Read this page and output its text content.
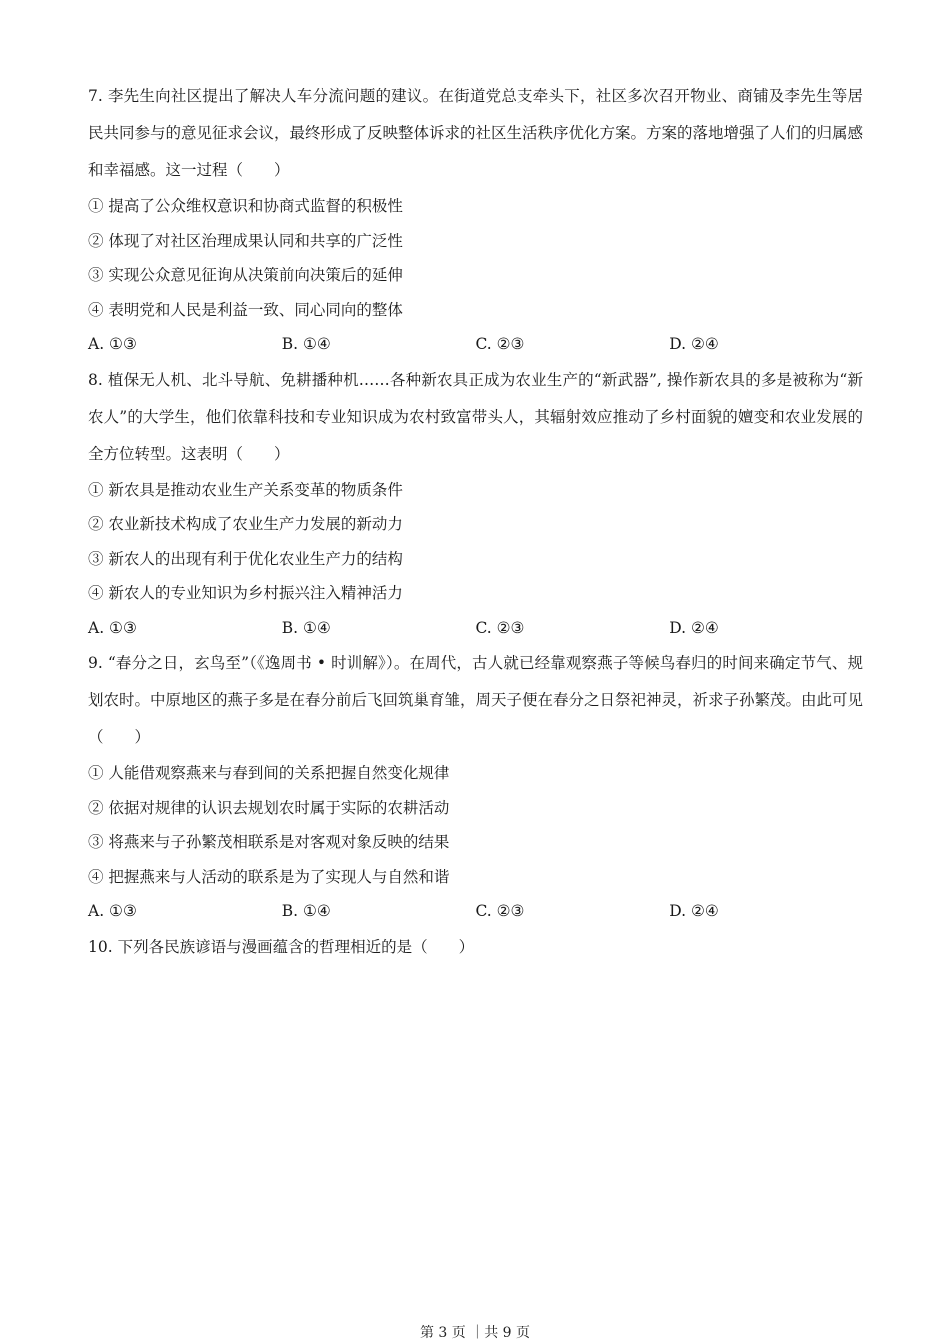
7. 李先生向社区提出了解决人车分流问题的建议。在街道党总支牵头下，社区多次召开物业、商铺及李先生等居民共同参与的意见征求会议，最终形成了反映整体诉求的社区生活秩序优化方案。方案的落地增强了人们的归属感和幸福感。这一过程（　　）

① 提高了公众维权意识和协商式监督的积极性

② 体现了对社区治理成果认同和共享的广泛性

③ 实现公众意见征询从决策前向决策后的延伸

④ 表明党和人民是利益一致、同心同向的整体

A. ①③	B. ①④	C. ②③	D. ②④

8. 植保无人机、北斗导航、免耕播种机……各种新农具正成为农业生产的“新武器”, 操作新农具的多是被称为“新农人”的大学生，他们依靠科技和专业知识成为农村致富带头人，其辐射效应推动了乡村面貌的嬗变和农业发展的全方位转型。这表明（　　）

① 新农具是推动农业生产关系变革的物质条件

② 农业新技术构成了农业生产力发展的新动力

③ 新农人的出现有利于优化农业生产力的结构

④ 新农人的专业知识为乡村振兴注入精神活力

A. ①③	B. ①④	C. ②③	D. ②④

9. “春分之日，玄鸟至”（《逸周书 • 时训解》）。在周代，古人就已经靠观察燕子等候鸟春归的时间来确定节气、规划农时。中原地区的燕子多是在春分前后飞回筑巢育雏，周天子便在春分之日祭祀神灵，祈求子孙繁茂。由此可见（　　）

① 人能借观察燕来与春到间的关系把握自然变化规律

② 依据对规律的认识去规划农时属于实际的农耕活动

③ 将燕来与子孙繁茂相联系是对客观对象反映的结果

④ 把握燕来与人活动的联系是为了实现人与自然和谐

A. ①③	B. ①④	C. ②③	D. ②④

10. 下列各民族谚语与漫画蕴含的哲理相近的是（　　）

第 3 页 ｜共 9 页
